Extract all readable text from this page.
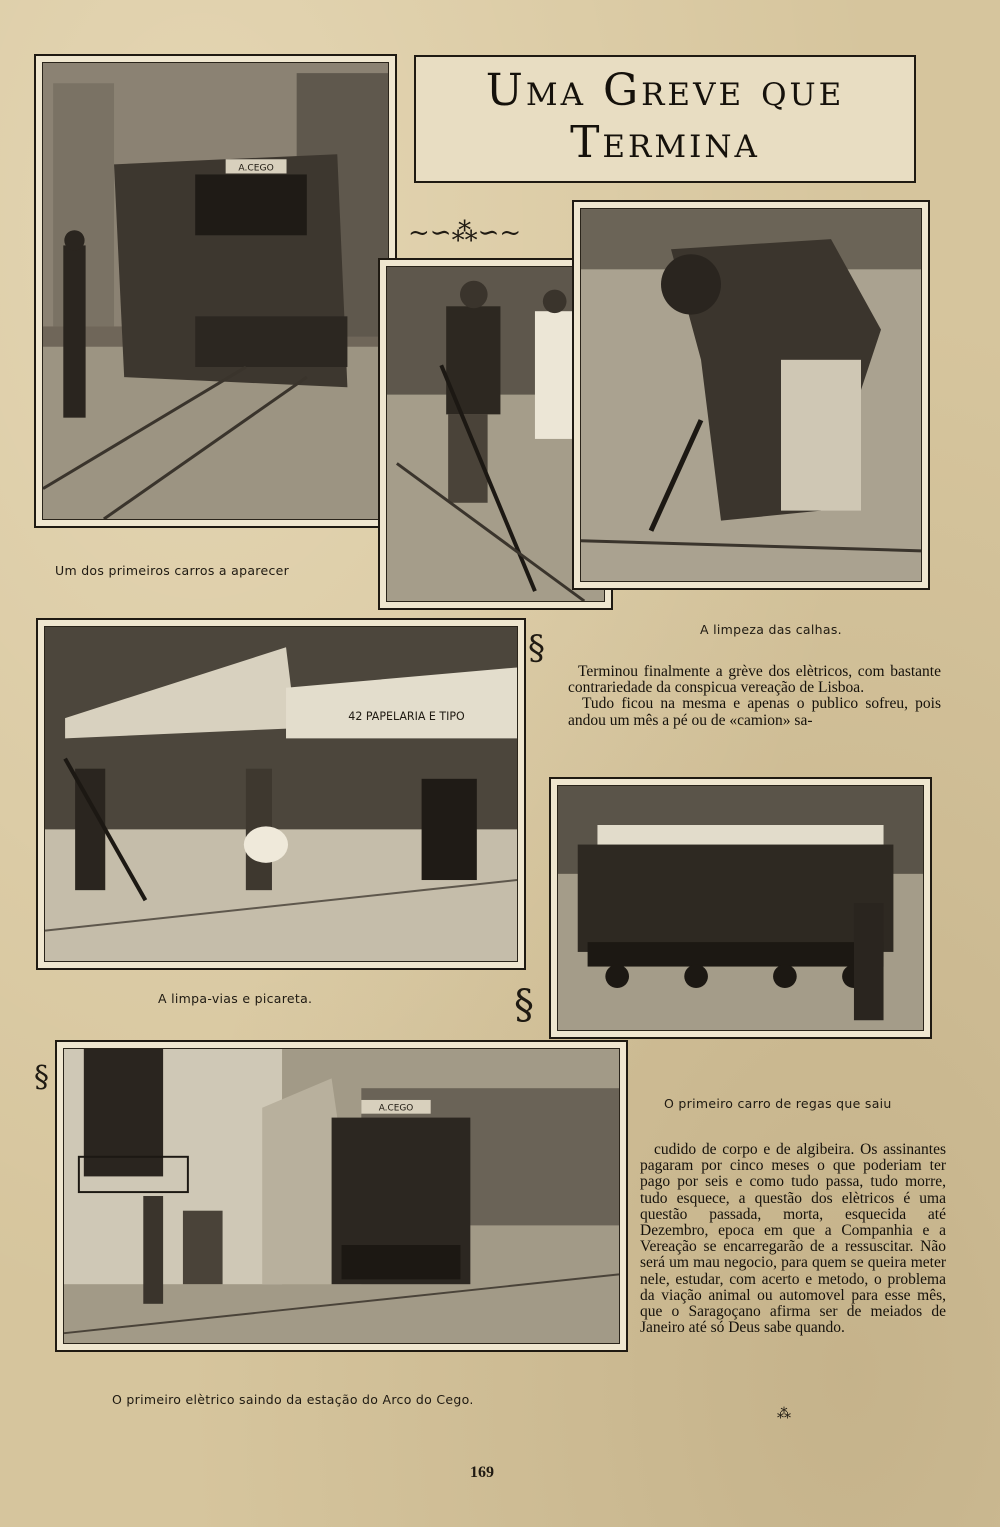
A.CEGO
Um dos primeiros carros a aparecer
Uma Greve que
Termina
~∽⁂∽~
A limpeza das calhas.
42 PAPELARIA E TIPO
A limpa-vias e picareta.
§
§
§

Terminou finalmente a grève dos elètricos, com bastante contrariedade da conspicua vereação de Lisboa.

Tudo ficou na mesma e apenas o publico sofreu, pois andou um mês a pé ou de «camion» sa-

O primeiro carro de regas que saiu
A.CEGO
O primeiro elètrico saindo da estação do Arco do Cego.

cudido de corpo e de algibeira. Os assinantes pagaram por cinco meses o que poderiam ter pago por seis e como tudo passa, tudo morre, tudo esquece, a questão dos elètricos é uma questão passada, morta, esquecida até Dezembro, epoca em que a Companhia e a Vereação se encarregarão de a ressuscitar. Não será um mau negocio, para quem se queira meter nele, estudar, com acerto e metodo, o problema da viação animal ou automovel para esse mês, que o Saragoçano afirma ser de meiados de Janeiro até só Deus sabe quando.

⁂
169
